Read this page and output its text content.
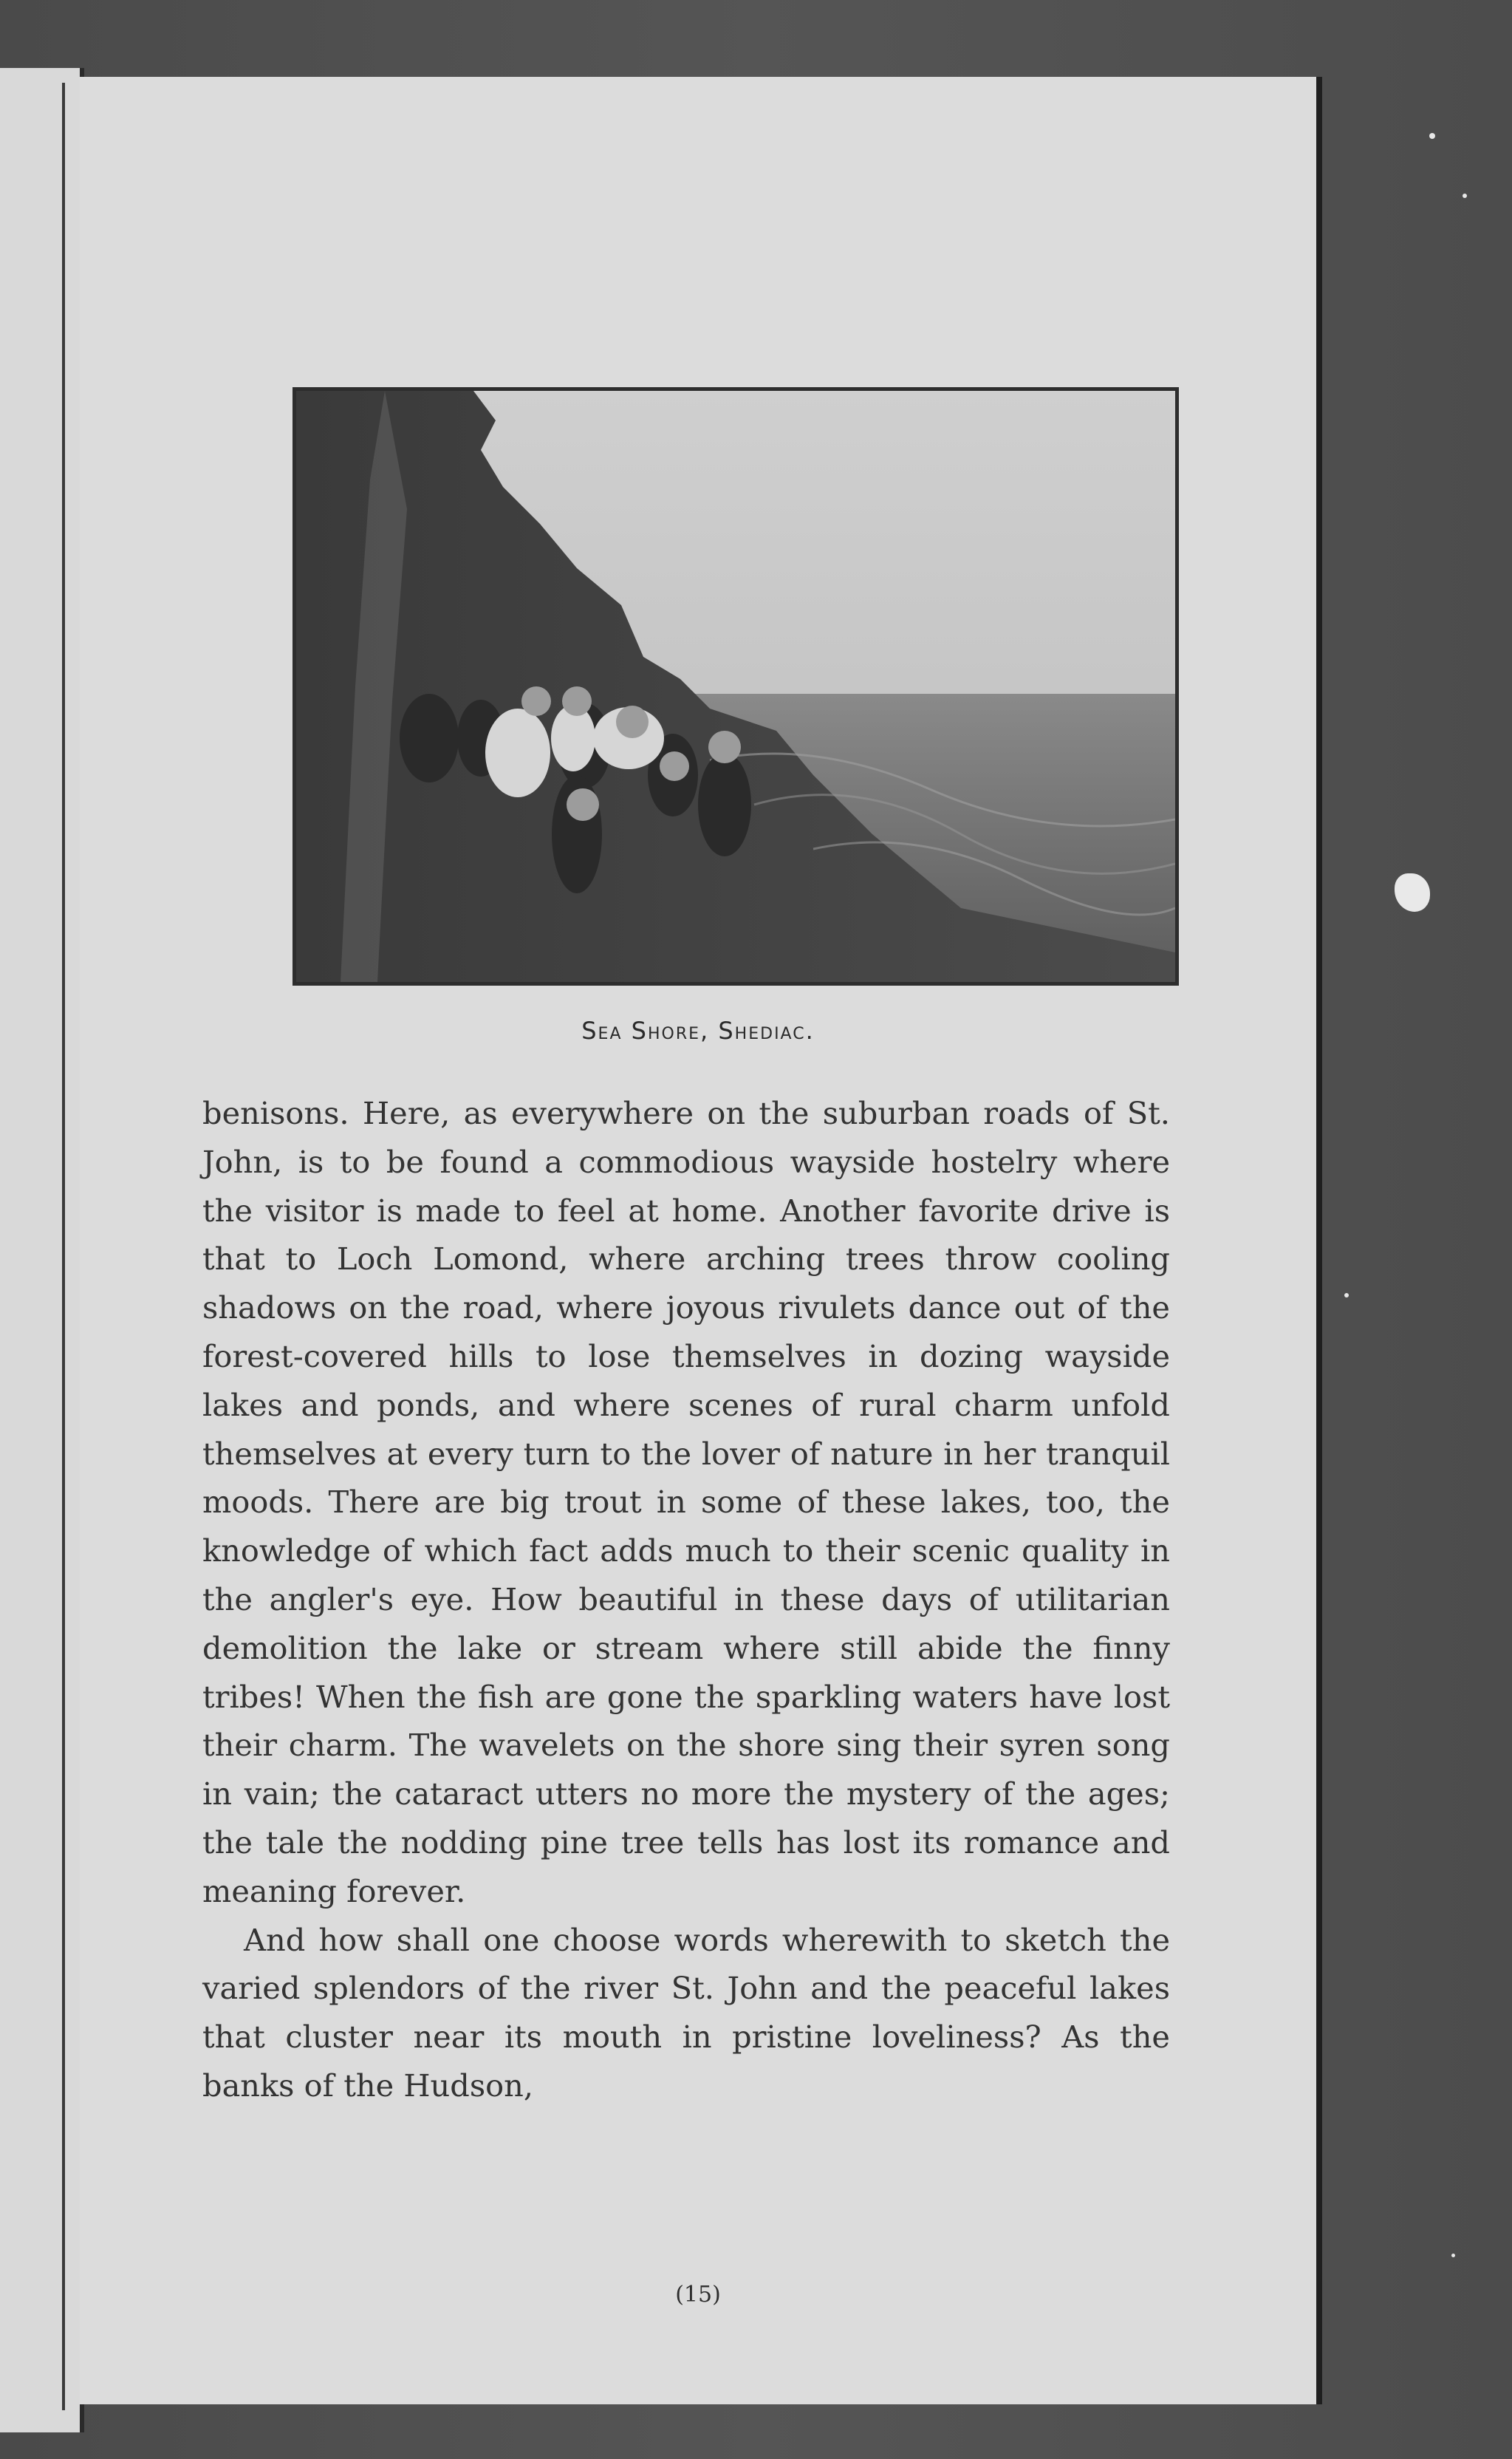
Sea Shore, Shediac.

benisons. Here, as everywhere on the suburban roads of St. John, is to be found a commodious wayside hostelry where the visitor is made to feel at home. Another favorite drive is that to Loch Lomond, where arching trees throw cooling shadows on the road, where joyous rivulets dance out of the forest-covered hills to lose themselves in dozing wayside lakes and ponds, and where scenes of rural charm unfold themselves at every turn to the lover of nature in her tranquil moods. There are big trout in some of these lakes, too, the knowledge of which fact adds much to their scenic quality in the angler's eye. How beautiful in these days of utilitarian demolition the lake or stream where still abide the finny tribes! When the fish are gone the sparkling waters have lost their charm. The wavelets on the shore sing their syren song in vain; the cataract utters no more the mystery of the ages; the tale the nodding pine tree tells has lost its romance and meaning forever.

And how shall one choose words wherewith to sketch the varied splendors of the river St. John and the peaceful lakes that cluster near its mouth in pristine loveliness? As the banks of the Hudson,

(15)
